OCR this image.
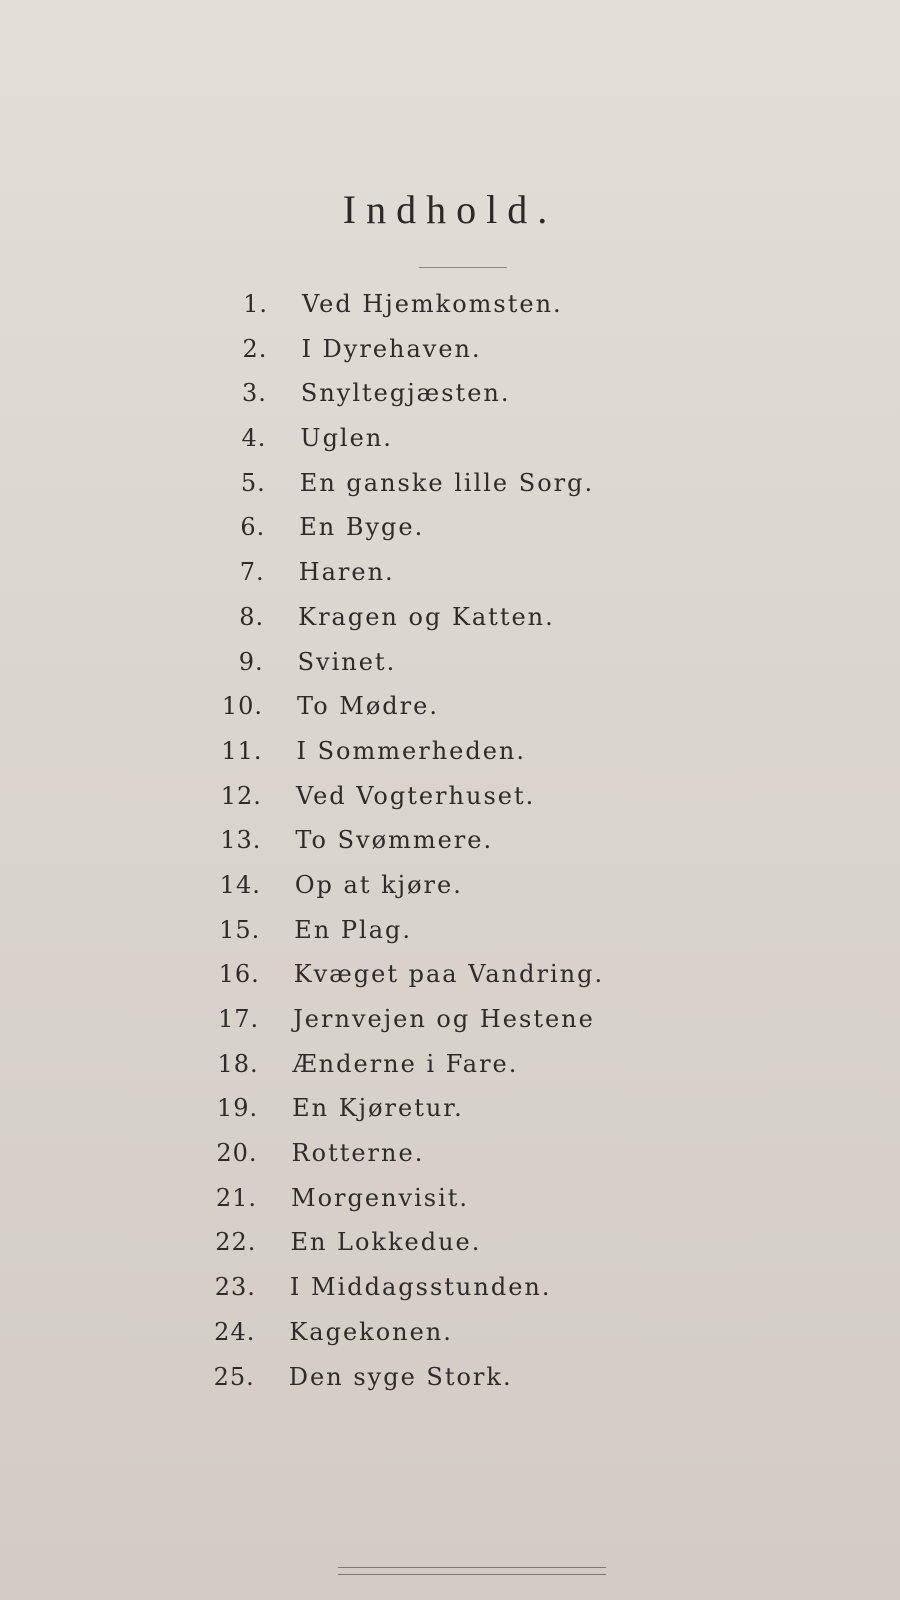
Indhold.
1. Ved Hjemkomsten.
2. I Dyrehaven.
3. Snyltegjæsten.
4. Uglen.
5. En ganske lille Sorg.
6. En Byge.
7. Haren.
8. Kragen og Katten.
9. Svinet.
10. To Mødre.
11. I Sommerheden.
12. Ved Vogterhuset.
13. To Svømmere.
14. Op at kjøre.
15. En Plag.
16. Kvæget paa Vandring.
17. Jernvejen og Hestene
18. Ænderne i Fare.
19. En Kjøretur.
20. Rotterne.
21. Morgenvisit.
22. En Lokkedue.
23. I Middagsstunden.
24. Kagekonen.
25. Den syge Stork.
